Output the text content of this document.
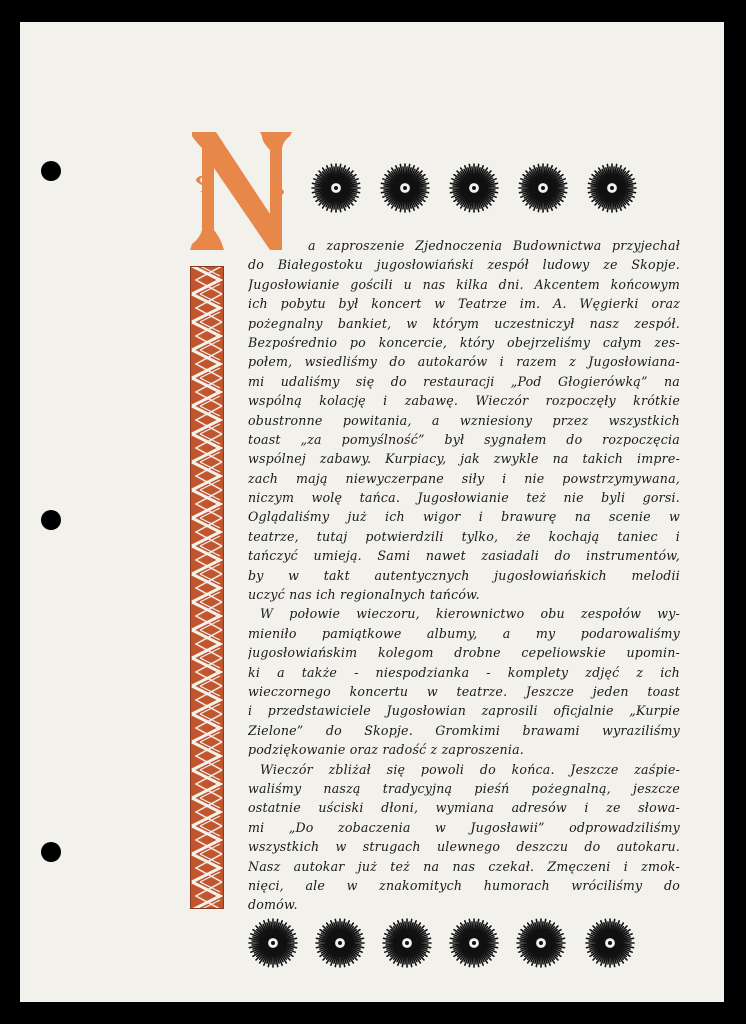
a zaproszenie Zjednoczenia Budownictwa przyjechał
do Białegostoku jugosłowiański zespół ludowy ze Skopje.
Jugosłowianie gościli u nas kilka dni. Akcentem końcowym
ich pobytu był koncert w Teatrze im. A. Węgierki oraz
pożegnalny bankiet, w którym uczestniczył nasz zespół.
Bezpośrednio po koncercie, który obejrzeliśmy całym zes-
połem, wsiedliśmy do autokarów i razem z Jugosłowiana-
mi udaliśmy się do restauracji „Pod Głogierówką” na
wspólną kolację i zabawę. Wieczór rozpoczęły krótkie
obustronne powitania, a wzniesiony przez wszystkich
toast „za pomyślność” był sygnałem do rozpoczęcia
wspólnej zabawy. Kurpiacy, jak zwykle na takich impre-
zach mają niewyczerpane siły i nie powstrzymywana,
niczym wolę tańca. Jugosłowianie też nie byli gorsi.
Oglądaliśmy już ich wigor i brawurę na scenie w
teatrze, tutaj potwierdzili tylko, że kochają taniec i
tańczyć umieją. Sami nawet zasiadali do instrumentów,
by w takt autentycznych jugosłowiańskich melodii
uczyć nas ich regionalnych tańców.
W połowie wieczoru, kierownictwo obu zespołów wy-
mieniło pamiątkowe albumy, a my podarowaliśmy
jugosłowiańskim kolegom drobne cepeliowskie upomin-
ki a także - niespodzianka - komplety zdjęć z ich
wieczornego koncertu w teatrze. Jeszcze jeden toast
i przedstawiciele Jugosłowian zaprosili oficjalnie „Kurpie
Zielone” do Skopje. Gromkimi brawami wyraziliśmy
podziękowanie oraz radość z zaproszenia.
Wieczór zbliżał się powoli do końca. Jeszcze zaśpie-
waliśmy naszą tradycyjną pieśń pożegnalną, jeszcze
ostatnie uściski dłoni, wymiana adresów i ze słowa-
mi „Do zobaczenia w Jugosławii” odprowadziliśmy
wszystkich w strugach ulewnego deszczu do autokaru.
Nasz autokar już też na nas czekał. Zmęczeni i zmok-
nięci, ale w znakomitych humorach wróciliśmy do
domów.
